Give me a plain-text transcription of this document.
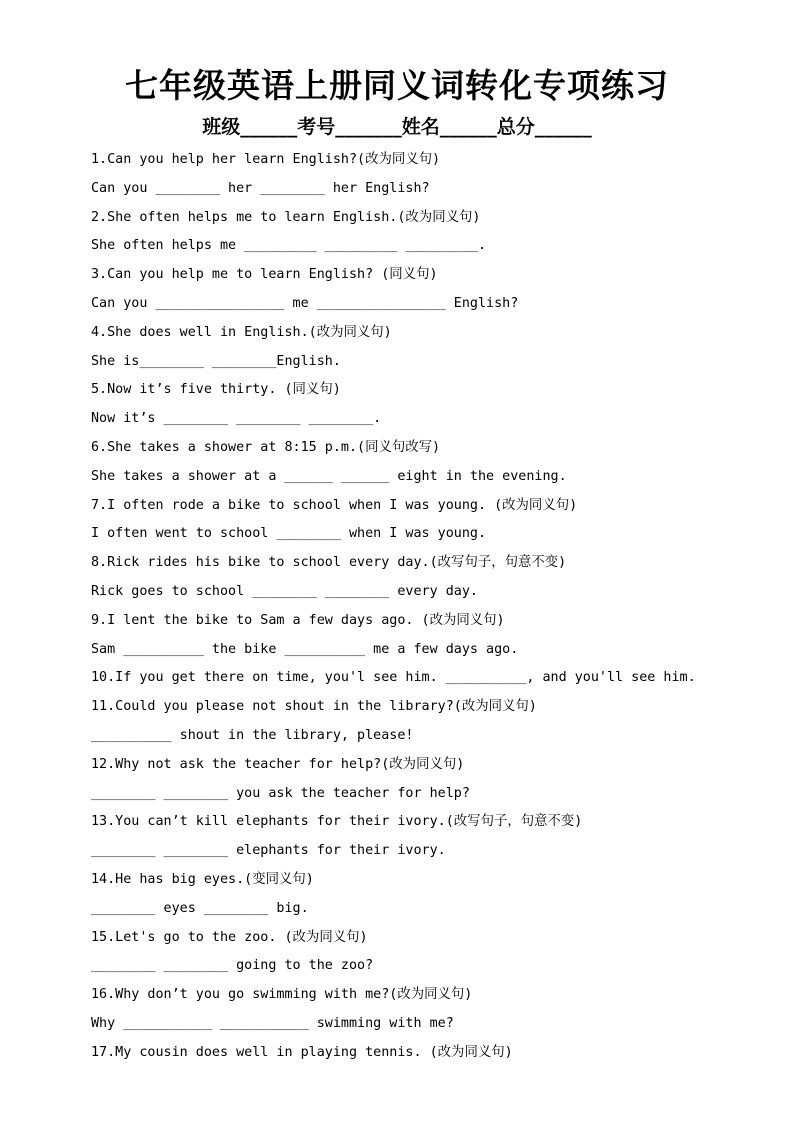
七年级英语上册同义词转化专项练习
班级______考号_______姓名______总分______
1.Can you help her learn English?(改为同义句)
Can you ________ her ________ her English?
2.She often helps me to learn English.(改为同义句)
She often helps me _________ _________ _________.
3.Can you help me to learn English? (同义句)
Can you ________________ me ________________ English?
4.She does well in English.(改为同义句)
She is________ ________English.
5.Now it’s five thirty. (同义句)
Now it’s ________ ________ ________.
6.She takes a shower at 8:15 p.m.(同义句改写)
She takes a shower at a ______ ______ eight in the evening.
7.I often rode a bike to school when I was young. (改为同义句)
I often went to school ________ when I was young.
8.Rick rides his bike to school every day.(改写句子，句意不变)
Rick goes to school ________ ________ every day.
9.I lent the bike to Sam a few days ago. (改为同义句)
Sam __________ the bike __________ me a few days ago.
10.If you get there on time, you'l see him. __________, and you'll see him.
11.Could you please not shout in the library?(改为同义句)
__________ shout in the library, please!
12.Why not ask the teacher for help?(改为同义句)
________ ________ you ask the teacher for help?
13.You can’t kill elephants for their ivory.(改写句子，句意不变)
________ ________ elephants for their ivory.
14.He has big eyes.(变同义句)
________ eyes ________ big.
15.Let's go to the zoo. (改为同义句)
________ ________ going to the zoo?
16.Why don’t you go swimming with me?(改为同义句)
Why ___________ ___________ swimming with me?
17.My cousin does well in playing tennis. (改为同义句)
